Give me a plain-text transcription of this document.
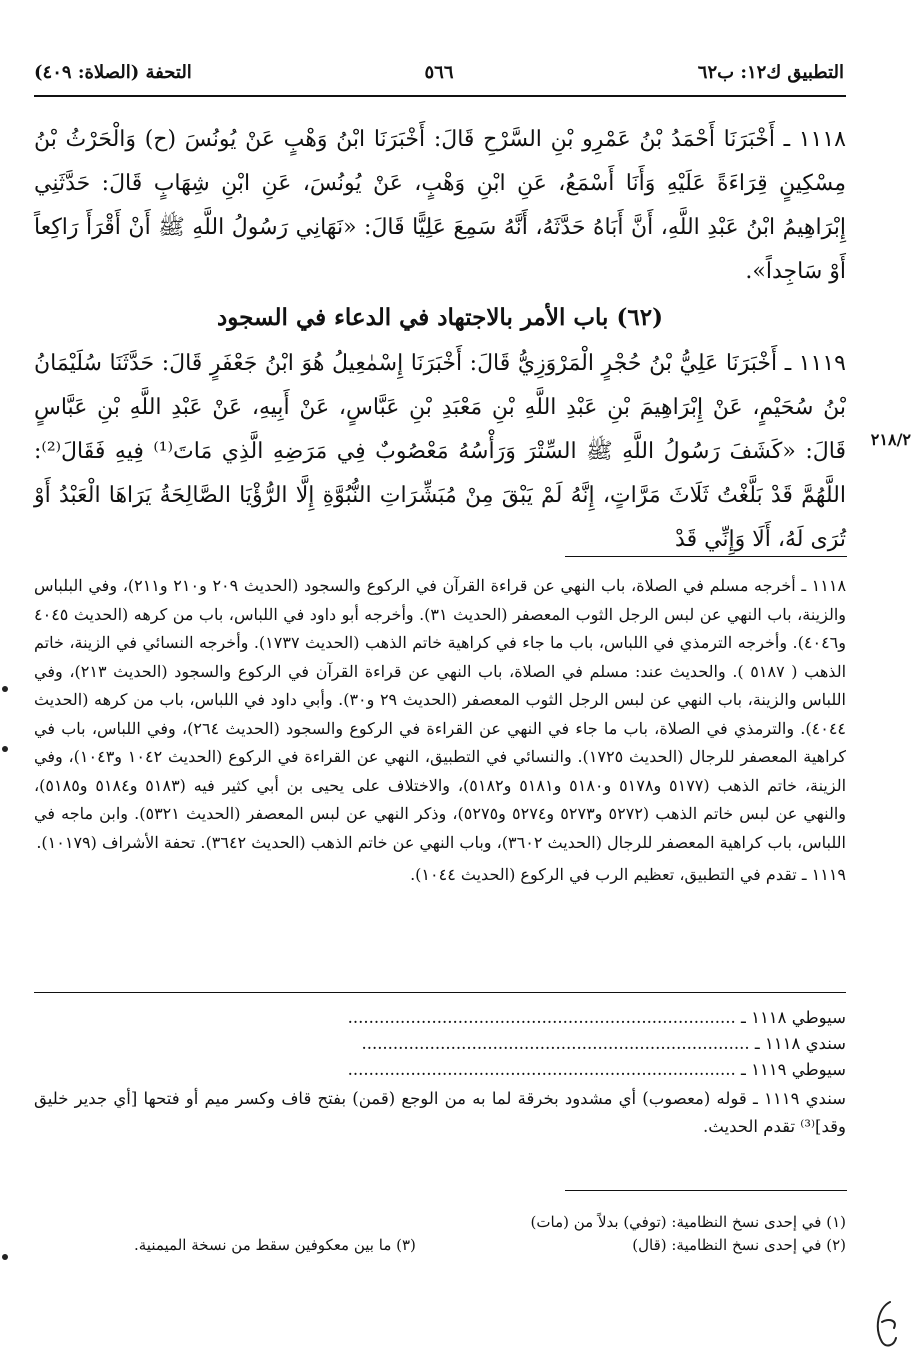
التطبيق ك١٢: ب٦٢
٥٦٦
التحفة (الصلاة: ٤٠٩)

١١١٨ ـ أَخْبَرَنَا أَحْمَدُ بْنُ عَمْرِو بْنِ السَّرْحِ قَالَ: أَخْبَرَنَا ابْنُ وَهْبٍ عَنْ يُونُسَ (ح) وَالْحَرْثُ بْنُ مِسْكِينٍ قِرَاءَةً عَلَيْهِ وَأَنَا أَسْمَعُ، عَنِ ابْنِ وَهْبٍ، عَنْ يُونُسَ، عَنِ ابْنِ شِهَابٍ قَالَ: حَدَّثَنِي إِبْرَاهِيمُ ابْنُ عَبْدِ اللَّهِ، أَنَّ أَبَاهُ حَدَّثَهُ، أَنَّهُ سَمِعَ عَلِيًّا قَالَ: «نَهَانِي رَسُولُ اللَّهِ ﷺ أَنْ أَقْرَأَ رَاكِعاً أَوْ سَاجِداً».

(٦٢) باب الأمر بالاجتهاد في الدعاء في السجود

١١١٩ ـ أَخْبَرَنَا عَلِيُّ بْنُ حُجْرٍ الْمَرْوَزِيُّ قَالَ: أَخْبَرَنَا إِسْمٰعِيلُ هُوَ ابْنُ جَعْفَرٍ قَالَ: حَدَّثَنَا سُلَيْمَانُ بْنُ سُحَيْمٍ، عَنْ إِبْرَاهِيمَ بْنِ عَبْدِ اللَّهِ بْنِ مَعْبَدِ بْنِ عَبَّاسٍ، عَنْ أَبِيهِ، عَنْ عَبْدِ اللَّهِ بْنِ عَبَّاسٍ قَالَ: «كَشَفَ رَسُولُ اللَّهِ ﷺ السِّتْرَ وَرَأْسُهُ مَعْصُوبٌ فِي مَرَضِهِ الَّذِي مَاتَ⁽¹⁾ فِيهِ فَقَالَ⁽²⁾: اللَّهُمَّ قَدْ بَلَّغْتُ ثَلَاثَ مَرَّاتٍ، إِنَّهُ لَمْ يَبْقَ مِنْ مُبَشِّرَاتِ النُّبُوَّةِ إِلَّا الرُّؤْيَا الصَّالِحَةُ يَرَاهَا الْعَبْدُ أَوْ تُرَى لَهُ، أَلَا وَإِنِّي قَدْ

٢١٨/٢

١١١٨ ـ أخرجه مسلم في الصلاة، باب النهي عن قراءة القرآن في الركوع والسجود (الحديث ٢٠٩ و٢١٠ و٢١١)، وفي البلباس والزينة، باب النهي عن لبس الرجل الثوب المعصفر (الحديث ٣١). وأخرجه أبو داود في اللباس، باب من كرهه (الحديث ٤٠٤٥ و٤٠٤٦). وأخرجه الترمذي في اللباس، باب ما جاء في كراهية خاتم الذهب (الحديث ١٧٣٧). وأخرجه النسائي في الزينة، خاتم الذهب ( ٥١٨٧ ). والحديث عند: مسلم في الصلاة، باب النهي عن قراءة القرآن في الركوع والسجود (الحديث ٢١٣)، وفي اللباس والزينة، باب النهي عن لبس الرجل الثوب المعصفر (الحديث ٢٩ و٣٠). وأبي داود في اللباس، باب من كرهه (الحديث ٤٠٤٤). والترمذي في الصلاة، باب ما جاء في النهي عن القراءة في الركوع والسجود (الحديث ٢٦٤)، وفي اللباس، باب في كراهية المعصفر للرجال (الحديث ١٧٢٥). والنسائي في التطبيق، النهي عن القراءة في الركوع (الحديث ١٠٤٢ و١٠٤٣)، وفي الزينة، خاتم الذهب (٥١٧٧ و٥١٧٨ و٥١٨٠ و٥١٨١ و٥١٨٢)، والاختلاف على يحيى بن أبي كثير فيه (٥١٨٣ و٥١٨٤ و٥١٨٥)، والنهي عن لبس خاتم الذهب (٥٢٧٢ و٥٢٧٣ و٥٢٧٤ و٥٢٧٥)، وذكر النهي عن لبس المعصفر (الحديث ٥٣٢١). وابن ماجه في اللباس، باب كراهية المعصفر للرجال (الحديث ٣٦٠٢)، وباب النهي عن خاتم الذهب (الحديث ٣٦٤٢). تحفة الأشراف (١٠١٧٩).

١١١٩ ـ تقدم في التطبيق، تعظيم الرب في الركوع (الحديث ١٠٤٤).

سيوطي ١١١٨ ـ ..........................................................................

سندي ١١١٨ ـ ..........................................................................

سيوطي ١١١٩ ـ ..........................................................................

سندي ١١١٩ ـ قوله (معصوب) أي مشدود بخرقة لما به من الوجع (قمن) بفتح قاف وكسر ميم أو فتحها [أي جدير خليق وقد]⁽³⁾ تقدم الحديث.

(١) في إحدى نسخ النظامية: (توفي) بدلاً من (مات)

(٢) في إحدى نسخ النظامية: (قال)
(٣) ما بين معكوفين سقط من نسخة الميمنية.
